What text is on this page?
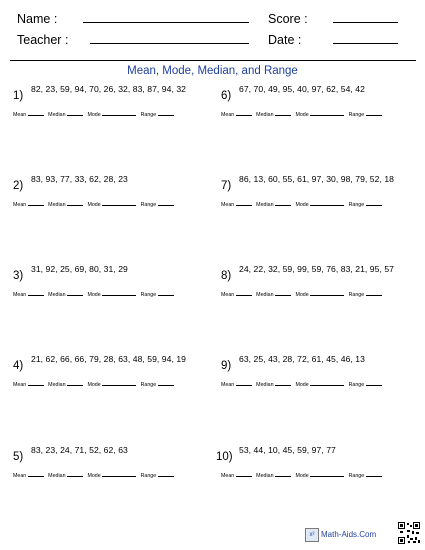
Name :	Score :
Teacher :	Date :
Mean, Mode, Median, and Range
1)
82, 23, 59, 94, 70, 26, 32, 83, 87, 94, 32
Mean	Median	Mode	Range
2)
83, 93, 77, 33, 62, 28, 23
Mean	Median	Mode	Range
3)
31, 92, 25, 69, 80, 31, 29
Mean	Median	Mode	Range
4)
21, 62, 66, 66, 79, 28, 63, 48, 59, 94, 19
Mean	Median	Mode	Range
5)
83, 23, 24, 71, 52, 62, 63
Mean	Median	Mode	Range
6)
67, 70, 49, 95, 40, 97, 62, 54, 42
Mean	Median	Mode	Range
7)
86, 13, 60, 55, 61, 97, 30, 98, 79, 52, 18
Mean	Median	Mode	Range
8)
24, 22, 32, 59, 99, 59, 76, 83, 21, 95, 57
Mean	Median	Mode	Range
9)
63, 25, 43, 28, 72, 61, 45, 46, 13
Mean	Median	Mode	Range
10)
53, 44, 10, 45, 59, 97, 77
Mean	Median	Mode	Range
x² Math-Aids.Com
